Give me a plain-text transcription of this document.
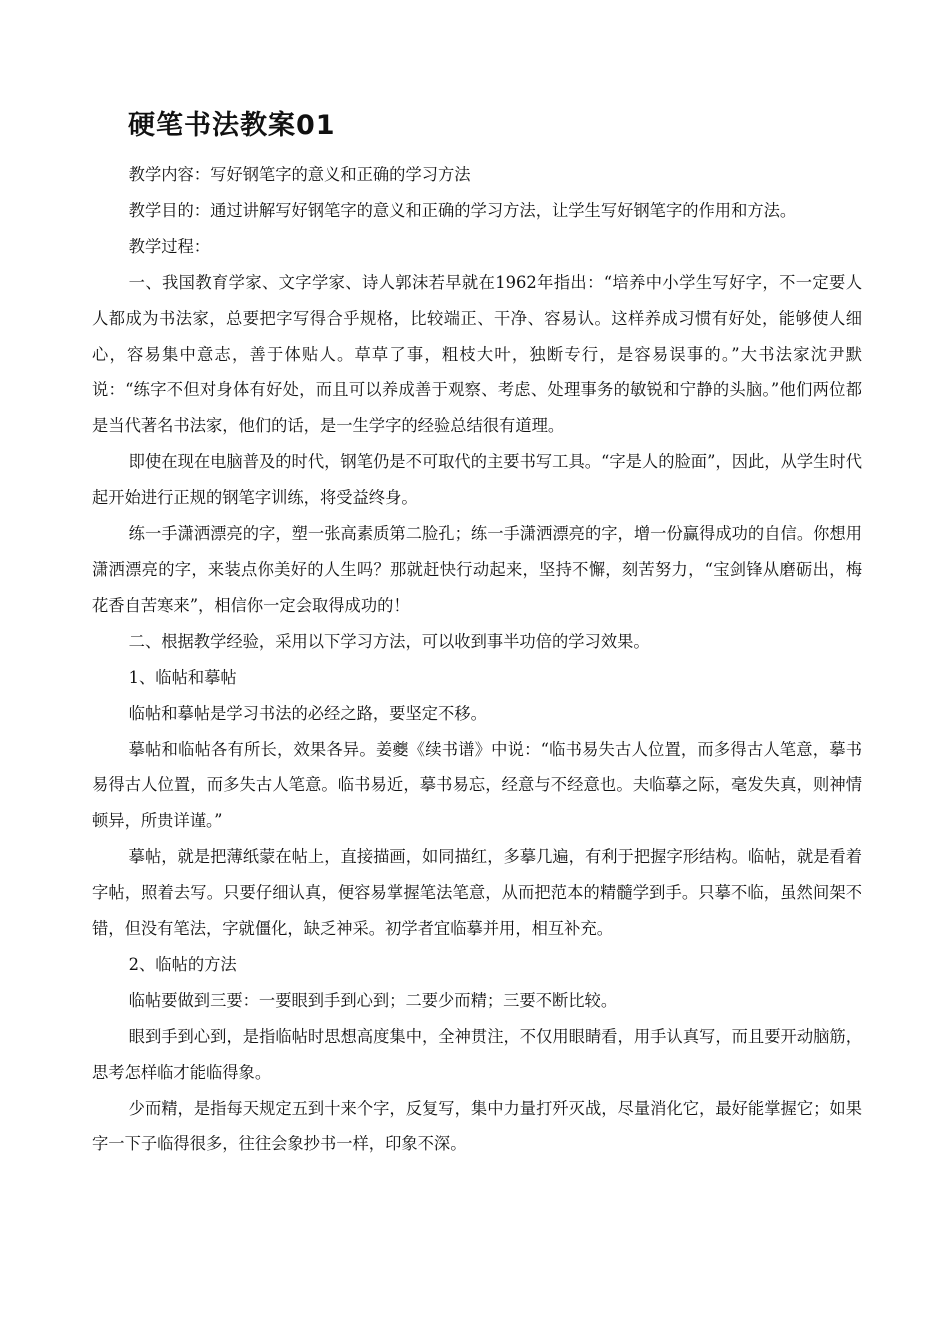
硬笔书法教案01

教学内容：写好钢笔字的意义和正确的学习方法

教学目的：通过讲解写好钢笔字的意义和正确的学习方法，让学生写好钢笔字的作用和方法。

教学过程：

一、我国教育学家、文字学家、诗人郭沫若早就在1962年指出：“培养中小学生写好字，不一定要人人都成为书法家，总要把字写得合乎规格，比较端正、干净、容易认。这样养成习惯有好处，能够使人细心，容易集中意志，善于体贴人。草草了事，粗枝大叶，独断专行，是容易误事的。”大书法家沈尹默说：“练字不但对身体有好处，而且可以养成善于观察、考虑、处理事务的敏锐和宁静的头脑。”他们两位都是当代著名书法家，他们的话，是一生学字的经验总结很有道理。

即使在现在电脑普及的时代，钢笔仍是不可取代的主要书写工具。“字是人的脸面”，因此，从学生时代起开始进行正规的钢笔字训练，将受益终身。

练一手潇洒漂亮的字，塑一张高素质第二脸孔；练一手潇洒漂亮的字，增一份赢得成功的自信。你想用潇洒漂亮的字，来装点你美好的人生吗？那就赶快行动起来，坚持不懈，刻苦努力，“宝剑锋从磨砺出，梅花香自苦寒来”，相信你一定会取得成功的！

二、根据教学经验，采用以下学习方法，可以收到事半功倍的学习效果。

1、临帖和摹帖

临帖和摹帖是学习书法的必经之路，要坚定不移。

摹帖和临帖各有所长，效果各异。姜夔《续书谱》中说：“临书易失古人位置，而多得古人笔意，摹书易得古人位置，而多失古人笔意。临书易近，摹书易忘，经意与不经意也。夫临摹之际，毫发失真，则神情顿异，所贵详谨。”

摹帖，就是把薄纸蒙在帖上，直接描画，如同描红，多摹几遍，有利于把握字形结构。临帖，就是看着字帖，照着去写。只要仔细认真，便容易掌握笔法笔意，从而把范本的精髓学到手。只摹不临，虽然间架不错，但没有笔法，字就僵化，缺乏神采。初学者宜临摹并用，相互补充。

2、临帖的方法

临帖要做到三要：一要眼到手到心到；二要少而精；三要不断比较。

眼到手到心到，是指临帖时思想高度集中，全神贯注，不仅用眼睛看，用手认真写，而且要开动脑筋，思考怎样临才能临得象。

少而精，是指每天规定五到十来个字，反复写，集中力量打歼灭战，尽量消化它，最好能掌握它；如果字一下子临得很多，往往会象抄书一样，印象不深。
